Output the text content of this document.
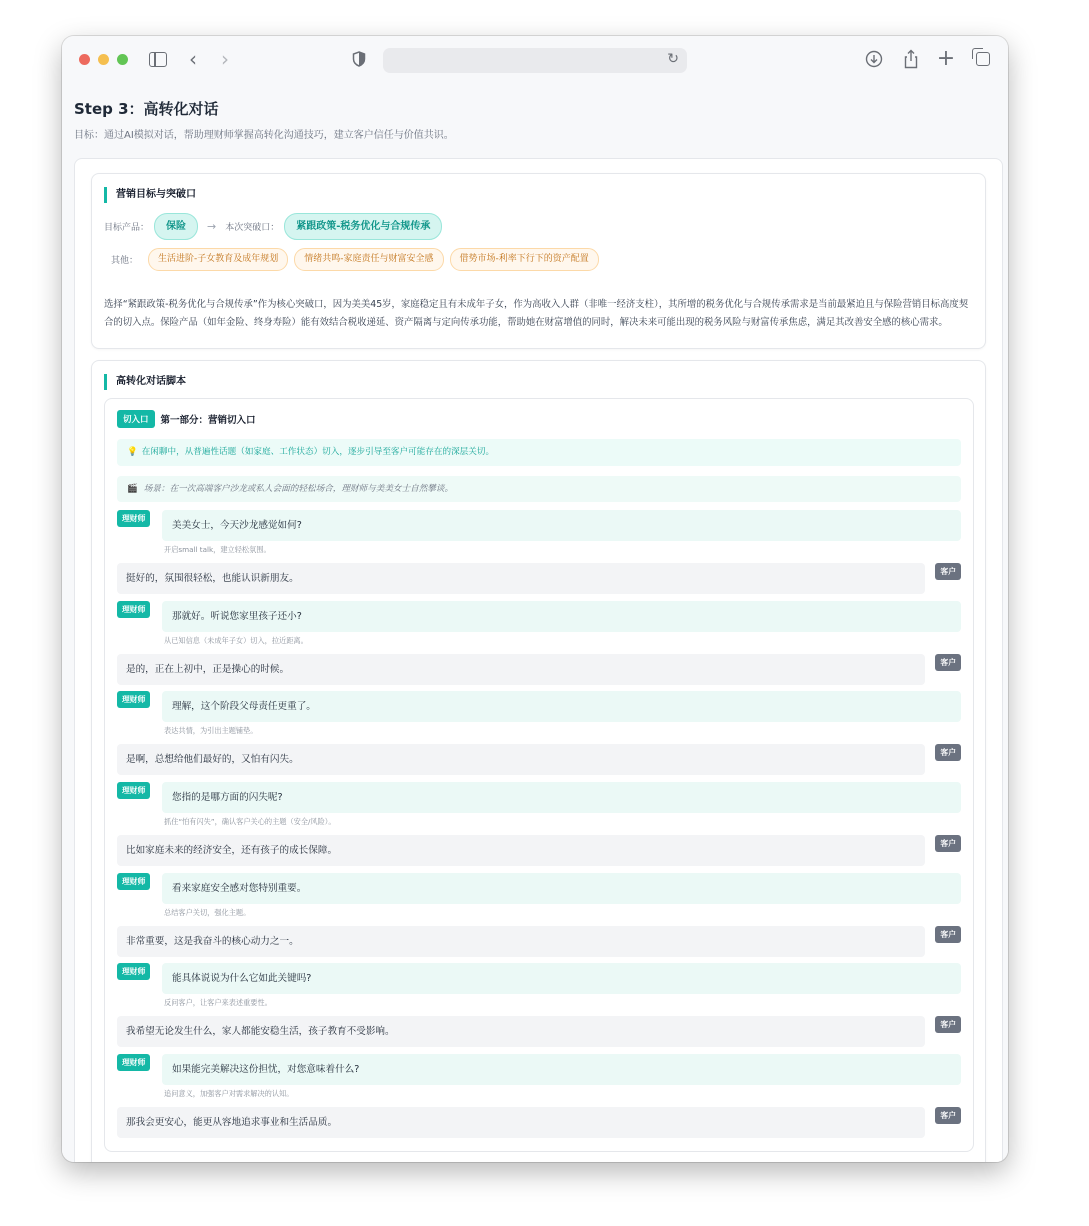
‹ ›	↻	+
Step 3：高转化对话
目标：通过AI模拟对话，帮助理财师掌握高转化沟通技巧，建立客户信任与价值共识。
营销目标与突破口
目标产品：	保险	→ 本次突破口：	紧跟政策-税务优化与合规传承
其他：	生活进阶-子女教育及成年规划	情绪共鸣-家庭责任与财富安全感	借势市场-利率下行下的资产配置

选择“紧跟政策-税务优化与合规传承”作为核心突破口，因为美美45岁，家庭稳定且有未成年子女，作为高收入人群（非唯一经济支柱），其所增的税务优化与合规传承需求是当前最紧迫且与保险营销目标高度契合的切入点。保险产品（如年金险、终身寿险）能有效结合税收递延、资产隔离与定向传承功能，帮助她在财富增值的同时，解决未来可能出现的税务风险与财富传承焦虑，满足其改善安全感的核心需求。

高转化对话脚本
切入口	第一部分：营销切入口
💡 在闲聊中，从普遍性话题（如家庭、工作状态）切入，逐步引导至客户可能存在的深层关切。
🎬 场景：在一次高端客户沙龙或私人会面的轻松场合，理财师与美美女士自然攀谈。
理财师
美美女士，今天沙龙感觉如何?
开启small talk，建立轻松氛围。
挺好的，氛围很轻松，也能认识新朋友。
客户
理财师
那就好。听说您家里孩子还小?
从已知信息（未成年子女）切入，拉近距离。
是的，正在上初中，正是操心的时候。
客户
理财师
理解，这个阶段父母责任更重了。
表达共情，为引出主题铺垫。
是啊，总想给他们最好的，又怕有闪失。
客户
理财师
您指的是哪方面的闪失呢?
抓住“怕有闪失”，确认客户关心的主题（安全/风险）。
比如家庭未来的经济安全，还有孩子的成长保障。
客户
理财师
看来家庭安全感对您特别重要。
总结客户关切，强化主题。
非常重要，这是我奋斗的核心动力之一。
客户
理财师
能具体说说为什么它如此关键吗?
反问客户，让客户来表述重要性。
我希望无论发生什么，家人都能安稳生活，孩子教育不受影响。
客户
理财师
如果能完美解决这份担忧，对您意味着什么?
追问意义，加强客户对需求解决的认知。
那我会更安心，能更从容地追求事业和生活品质。
客户
